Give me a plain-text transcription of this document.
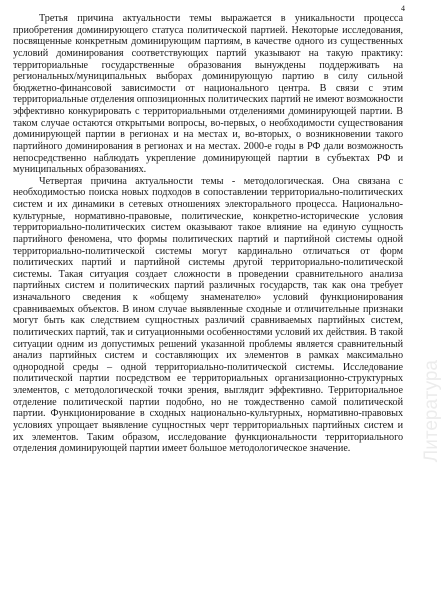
4

Третья причина актуальности темы выражается в уникальности процесса приобретения доминирующего статуса политической партией. Некоторые исследования, посвященные конкретным доминирующим партиям, в качестве одного из существенных условий доминирования соответствующих партий указывают на такую практику: территориальные государственные образования вынуждены поддерживать на региональных/муниципальных выборах доминирующую партию в силу сильной бюджетно-финансовой зависимости от национального центра. В связи с этим территориальные отделения оппозиционных политических партий не имеют возможности эффективно конкурировать с территориальными отделениями доминирующей партии. В таком случае остаются открытыми вопросы, во-первых, о необходимости существования доминирующей партии в регионах и на местах и, во-вторых, о возникновении такого партийного доминирования в регионах и на местах. 2000-е годы в РФ дали возможность непосредственно наблюдать укрепление доминирующей партии в субъектах РФ и муниципальных образованиях.

Четвертая причина актуальности темы - методологическая. Она связана с необходимостью поиска новых подходов в сопоставлении территориально-политических систем и их динамики в сетевых отношениях электорального процесса. Национально-культурные, нормативно-правовые, политические, конкретно-исторические условия территориально-политических систем оказывают такое влияние на единую сущность партийного феномена, что формы политических партий и партийной системы одной территориально-политической системы могут кардинально отличаться от форм политических партий и партийной системы другой территориально-политической системы. Такая ситуация создает сложности в проведении сравнительного анализа партийных систем и политических партий различных государств, так как она требует изначального сведения к «общему знаменателю» условий функционирования сравниваемых объектов. В ином случае выявленные сходные и отличительные признаки могут быть как следствием сущностных различий сравниваемых партийных систем, политических партий, так и ситуационными особенностями условий их действия. В такой ситуации одним из допустимых решений указанной проблемы является сравнительный анализ партийных систем и составляющих их элементов в рамках максимально однородной среды – одной территориально-политической системы. Исследование политической партии посредством ее территориальных организационно-структурных элементов, с методологической точки зрения, выглядит эффективно. Территориальное отделение политической партии подобно, но не тождественно самой политической партии. Функционирование в сходных национально-культурных, нормативно-правовых условиях упрощает выявление сущностных черт территориальных партийных систем и их элементов. Таким образом, исследование функциональности территориального отделения доминирующей партии имеет большое методологическое значение.	Литература
